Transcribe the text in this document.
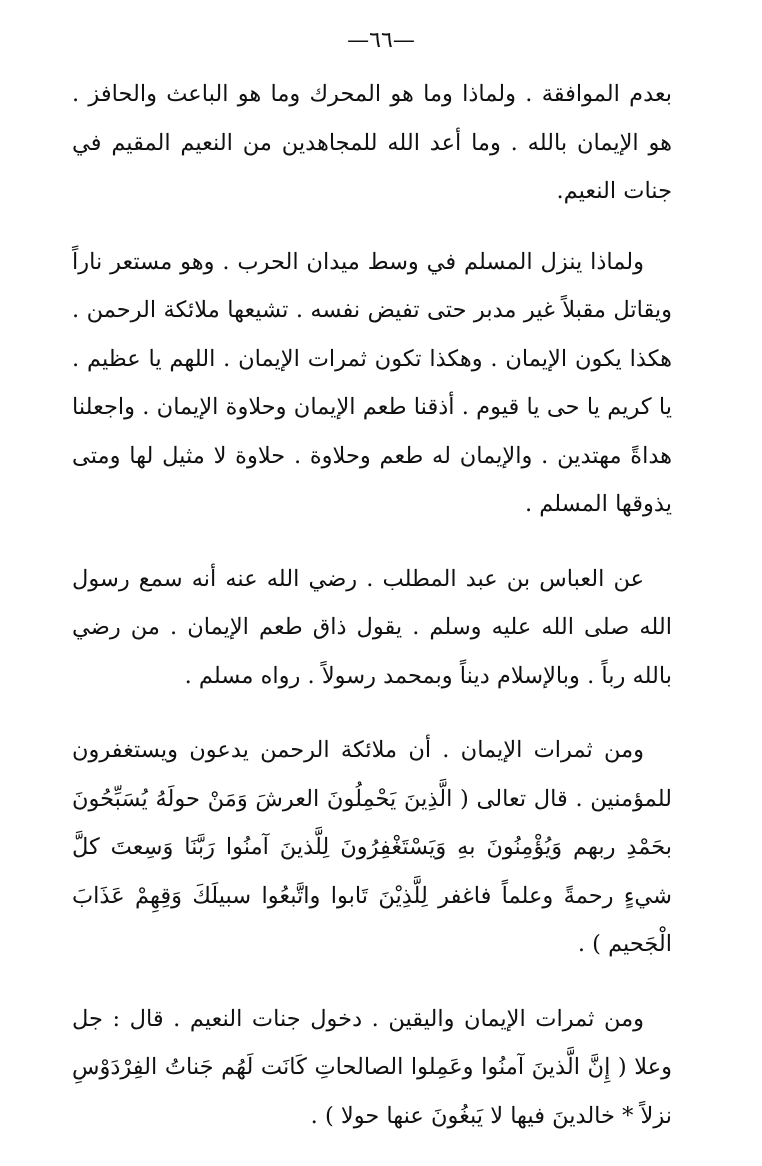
—٦٦—

بعدم الموافقة . ولماذا وما هو المحرك وما هو الباعث والحافز . هو الإيمان بالله . وما أعد الله للمجاهدين من النعيم المقيم في جنات النعيم.

ولماذا ينزل المسلم في وسط ميدان الحرب . وهو مستعر ناراً ويقاتل مقبلاً غير مدبر حتى تفيض نفسه . تشيعها ملائكة الرحمن . هكذا يكون الإيمان . وهكذا تكون ثمرات الإيمان . اللهم يا عظيم . يا كريم يا حى يا قيوم . أذقنا طعم الإيمان وحلاوة الإيمان . واجعلنا هداةً مهتدين . والإيمان له طعم وحلاوة . حلاوة لا مثيل لها ومتى يذوقها المسلم .

عن العباس بن عبد المطلب . رضي الله عنه أنه سمع رسول الله صلى الله عليه وسلم . يقول ذاق طعم الإيمان . من رضي بالله رباً . وبالإسلام ديناً وبمحمد رسولاً . رواه مسلم .

ومن ثمرات الإيمان . أن ملائكة الرحمن يدعون ويستغفرون للمؤمنين . قال تعالى ( الَّذِينَ يَحْمِلُونَ العرشَ وَمَنْ حولَهُ يُسَبِّحُونَ بحَمْدِ ربهم وَيُؤْمِنُونَ بهِ وَيَسْتَغْفِرُونَ لِلَّذينَ آمنُوا رَبَّنَا وَسِعتَ كلَّ شيءٍ رحمةً وعلماً فاغفر لِلَّذِيْنَ تَابوا واتَّبعُوا سبيلَكَ وَقِهِمْ عَذَابَ الْجَحيم ) .

ومن ثمرات الإيمان واليقين . دخول جنات النعيم . قال : جل وعلا ( إِنَّ الَّذينَ آمنُوا وعَمِلوا الصالحاتِ كَانَت لَهُم جَناتُ الفِرْدَوْسِ نزلاً * خالدينَ فيها لا يَبغُونَ عنها حولا ) .
